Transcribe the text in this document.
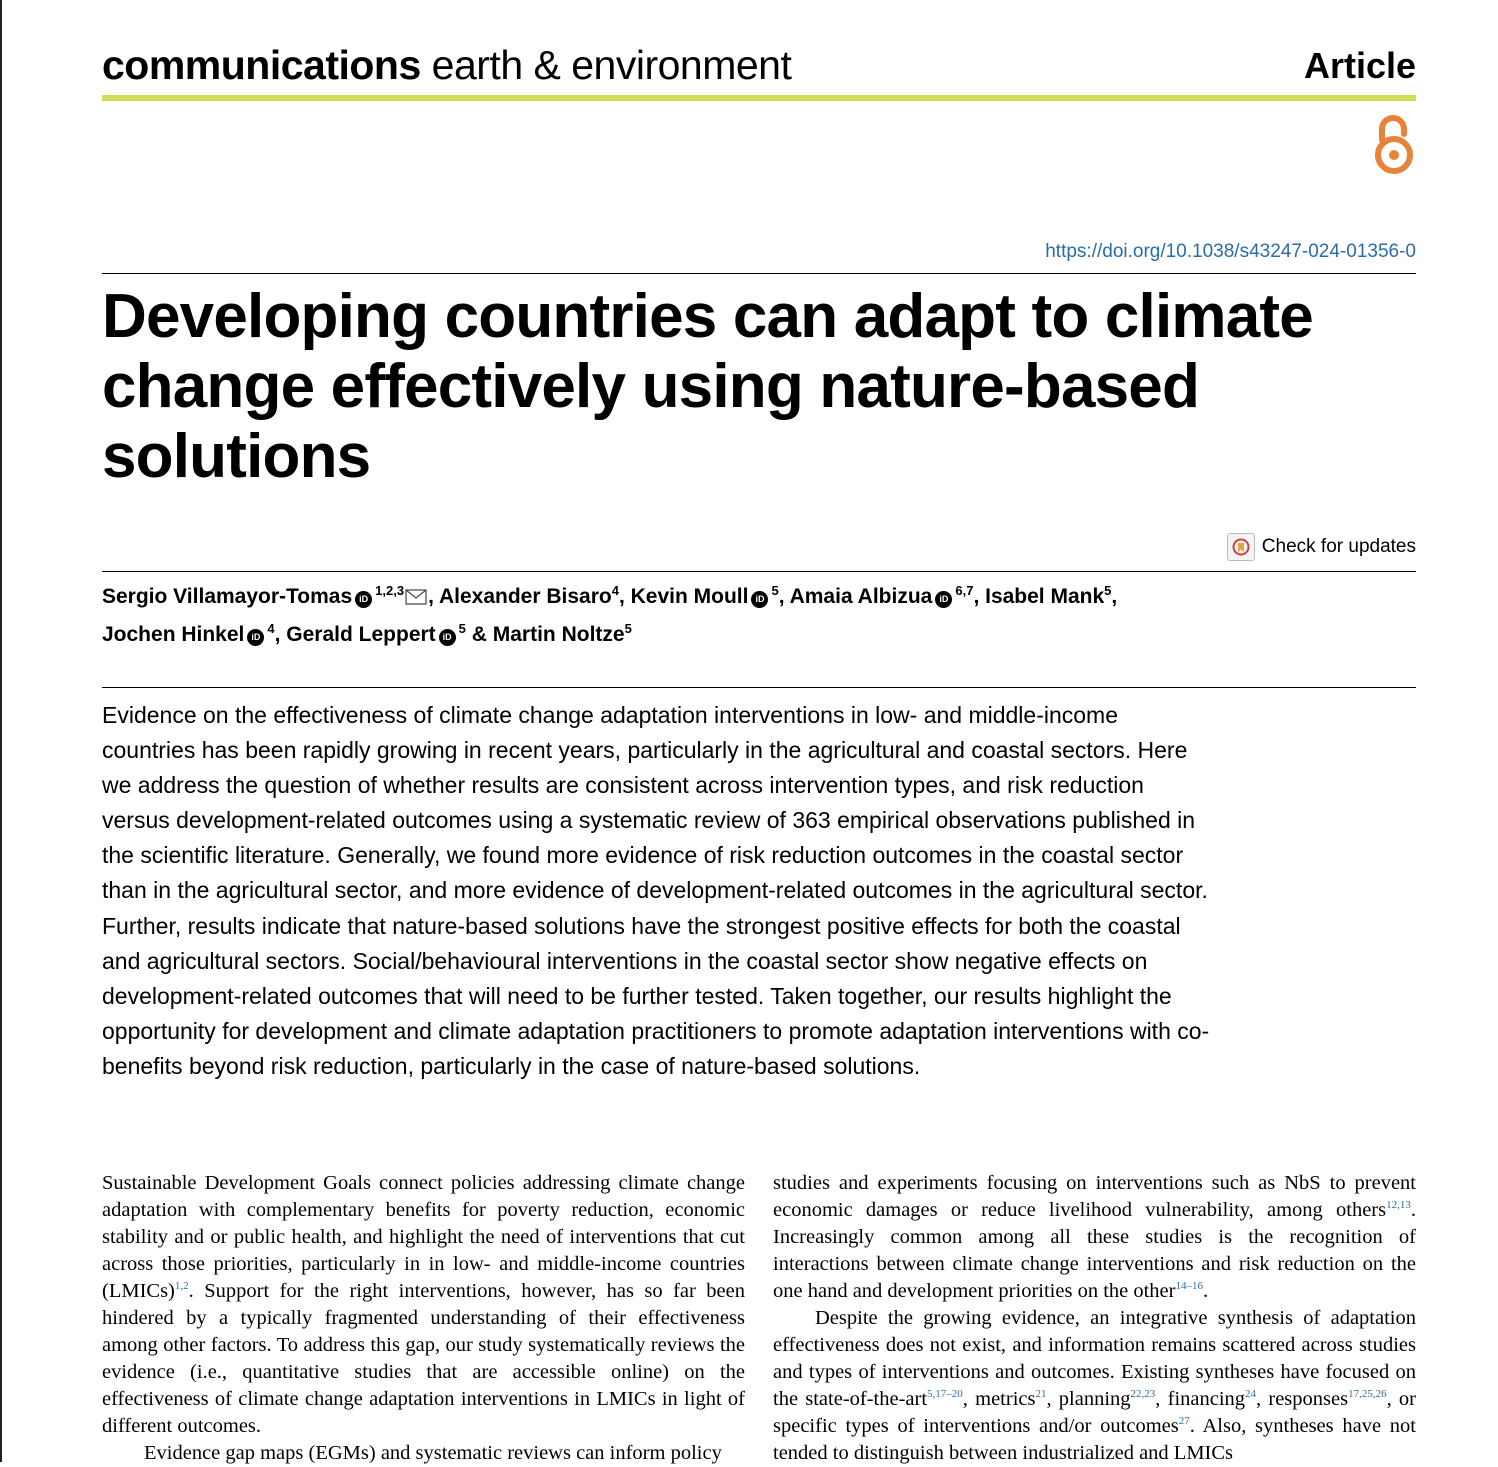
communications earth & environment	Article
https://doi.org/10.1038/s43247-024-01356-0
Developing countries can adapt to climate change effectively using nature-based solutions
Check for updates
Sergio Villamayor-Tomas iD$^{1,2,3}$ , Alexander Bisaro$^4$, Kevin Moull $iD^5$, Amaia Albizua iD$^{6,7}$, Isabel Mank$^5$,
Jochen Hinkel $iD^4$, Gerald Leppert $iD^5$ & Martin Noltze$^5$

Evidence on the effectiveness of climate change adaptation interventions in low- and middle-income countries has been rapidly growing in recent years, particularly in the agricultural and coastal sectors. Here we address the question of whether results are consistent across intervention types, and risk reduction versus development-related outcomes using a systematic review of 363 empirical observations published in the scientific literature. Generally, we found more evidence of risk reduction outcomes in the coastal sector than in the agricultural sector, and more evidence of development-related outcomes in the agricultural sector. Further, results indicate that nature-based solutions have the strongest positive effects for both the coastal and agricultural sectors. Social/behavioural interventions in the coastal sector show negative effects on development-related outcomes that will need to be further tested. Taken together, our results highlight the opportunity for development and climate adaptation practitioners to promote adaptation interventions with co-benefits beyond risk reduction, particularly in the case of nature-based solutions.

Sustainable Development Goals connect policies addressing climate change adaptation with complementary benefits for poverty reduction, economic stability and or public health, and highlight the need of interventions that cut across those priorities, particularly in in low- and middle-income countries (LMICs)$^{1,2}$. Support for the right interventions, however, has so far been hindered by a typically fragmented understanding of their effectiveness among other factors. To address this gap, our study systematically reviews the evidence (i.e., quantitative studies that are accessible online) on the effectiveness of climate change adaptation interventions in LMICs in light of different outcomes.

Evidence gap maps (EGMs) and systematic reviews can inform policy

studies and experiments focusing on interventions such as NbS to prevent economic damages or reduce livelihood vulnerability, among others$^{12,13}$. Increasingly common among all these studies is the recognition of interactions between climate change interventions and risk reduction on the one hand and development priorities on the other$^{14-16}$.

Despite the growing evidence, an integrative synthesis of adaptation effectiveness does not exist, and information remains scattered across studies and types of interventions and outcomes. Existing syntheses have focused on the state-of-the-art$^{5,17-20}$, metrics$^{21}$, planning$^{22,23}$, financing$^{24}$, responses$^{17,25,26}$, or specific types of interventions and/or outcomes$^{27}$. Also, syntheses have not tended to distinguish between industrialized and LMICs
